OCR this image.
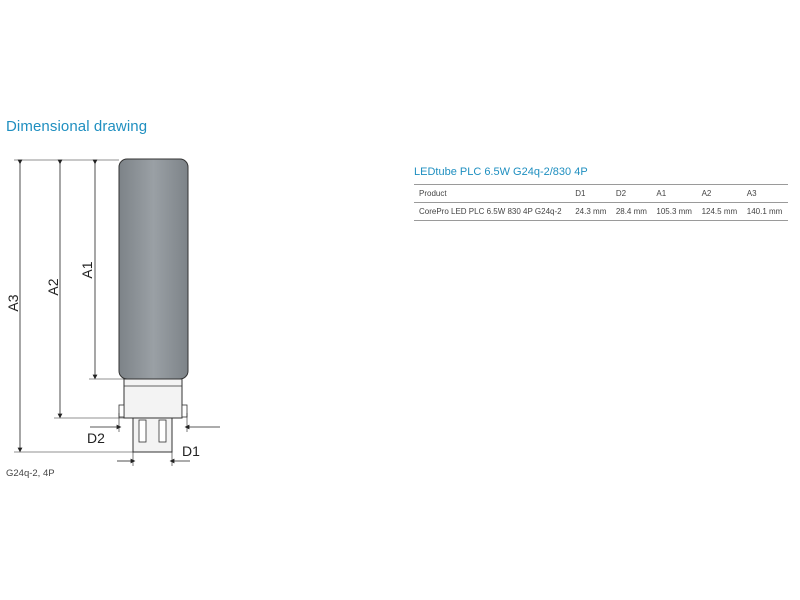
Dimensional drawing
A3
A2
A1
D2
D1
G24q-2, 4P
LEDtube PLC 6.5W G24q-2/830 4P
Product	D1	D2	A1	A2	A3
CorePro LED PLC 6.5W 830 4P G24q-2	24.3 mm	28.4 mm	105.3 mm	124.5 mm	140.1 mm
